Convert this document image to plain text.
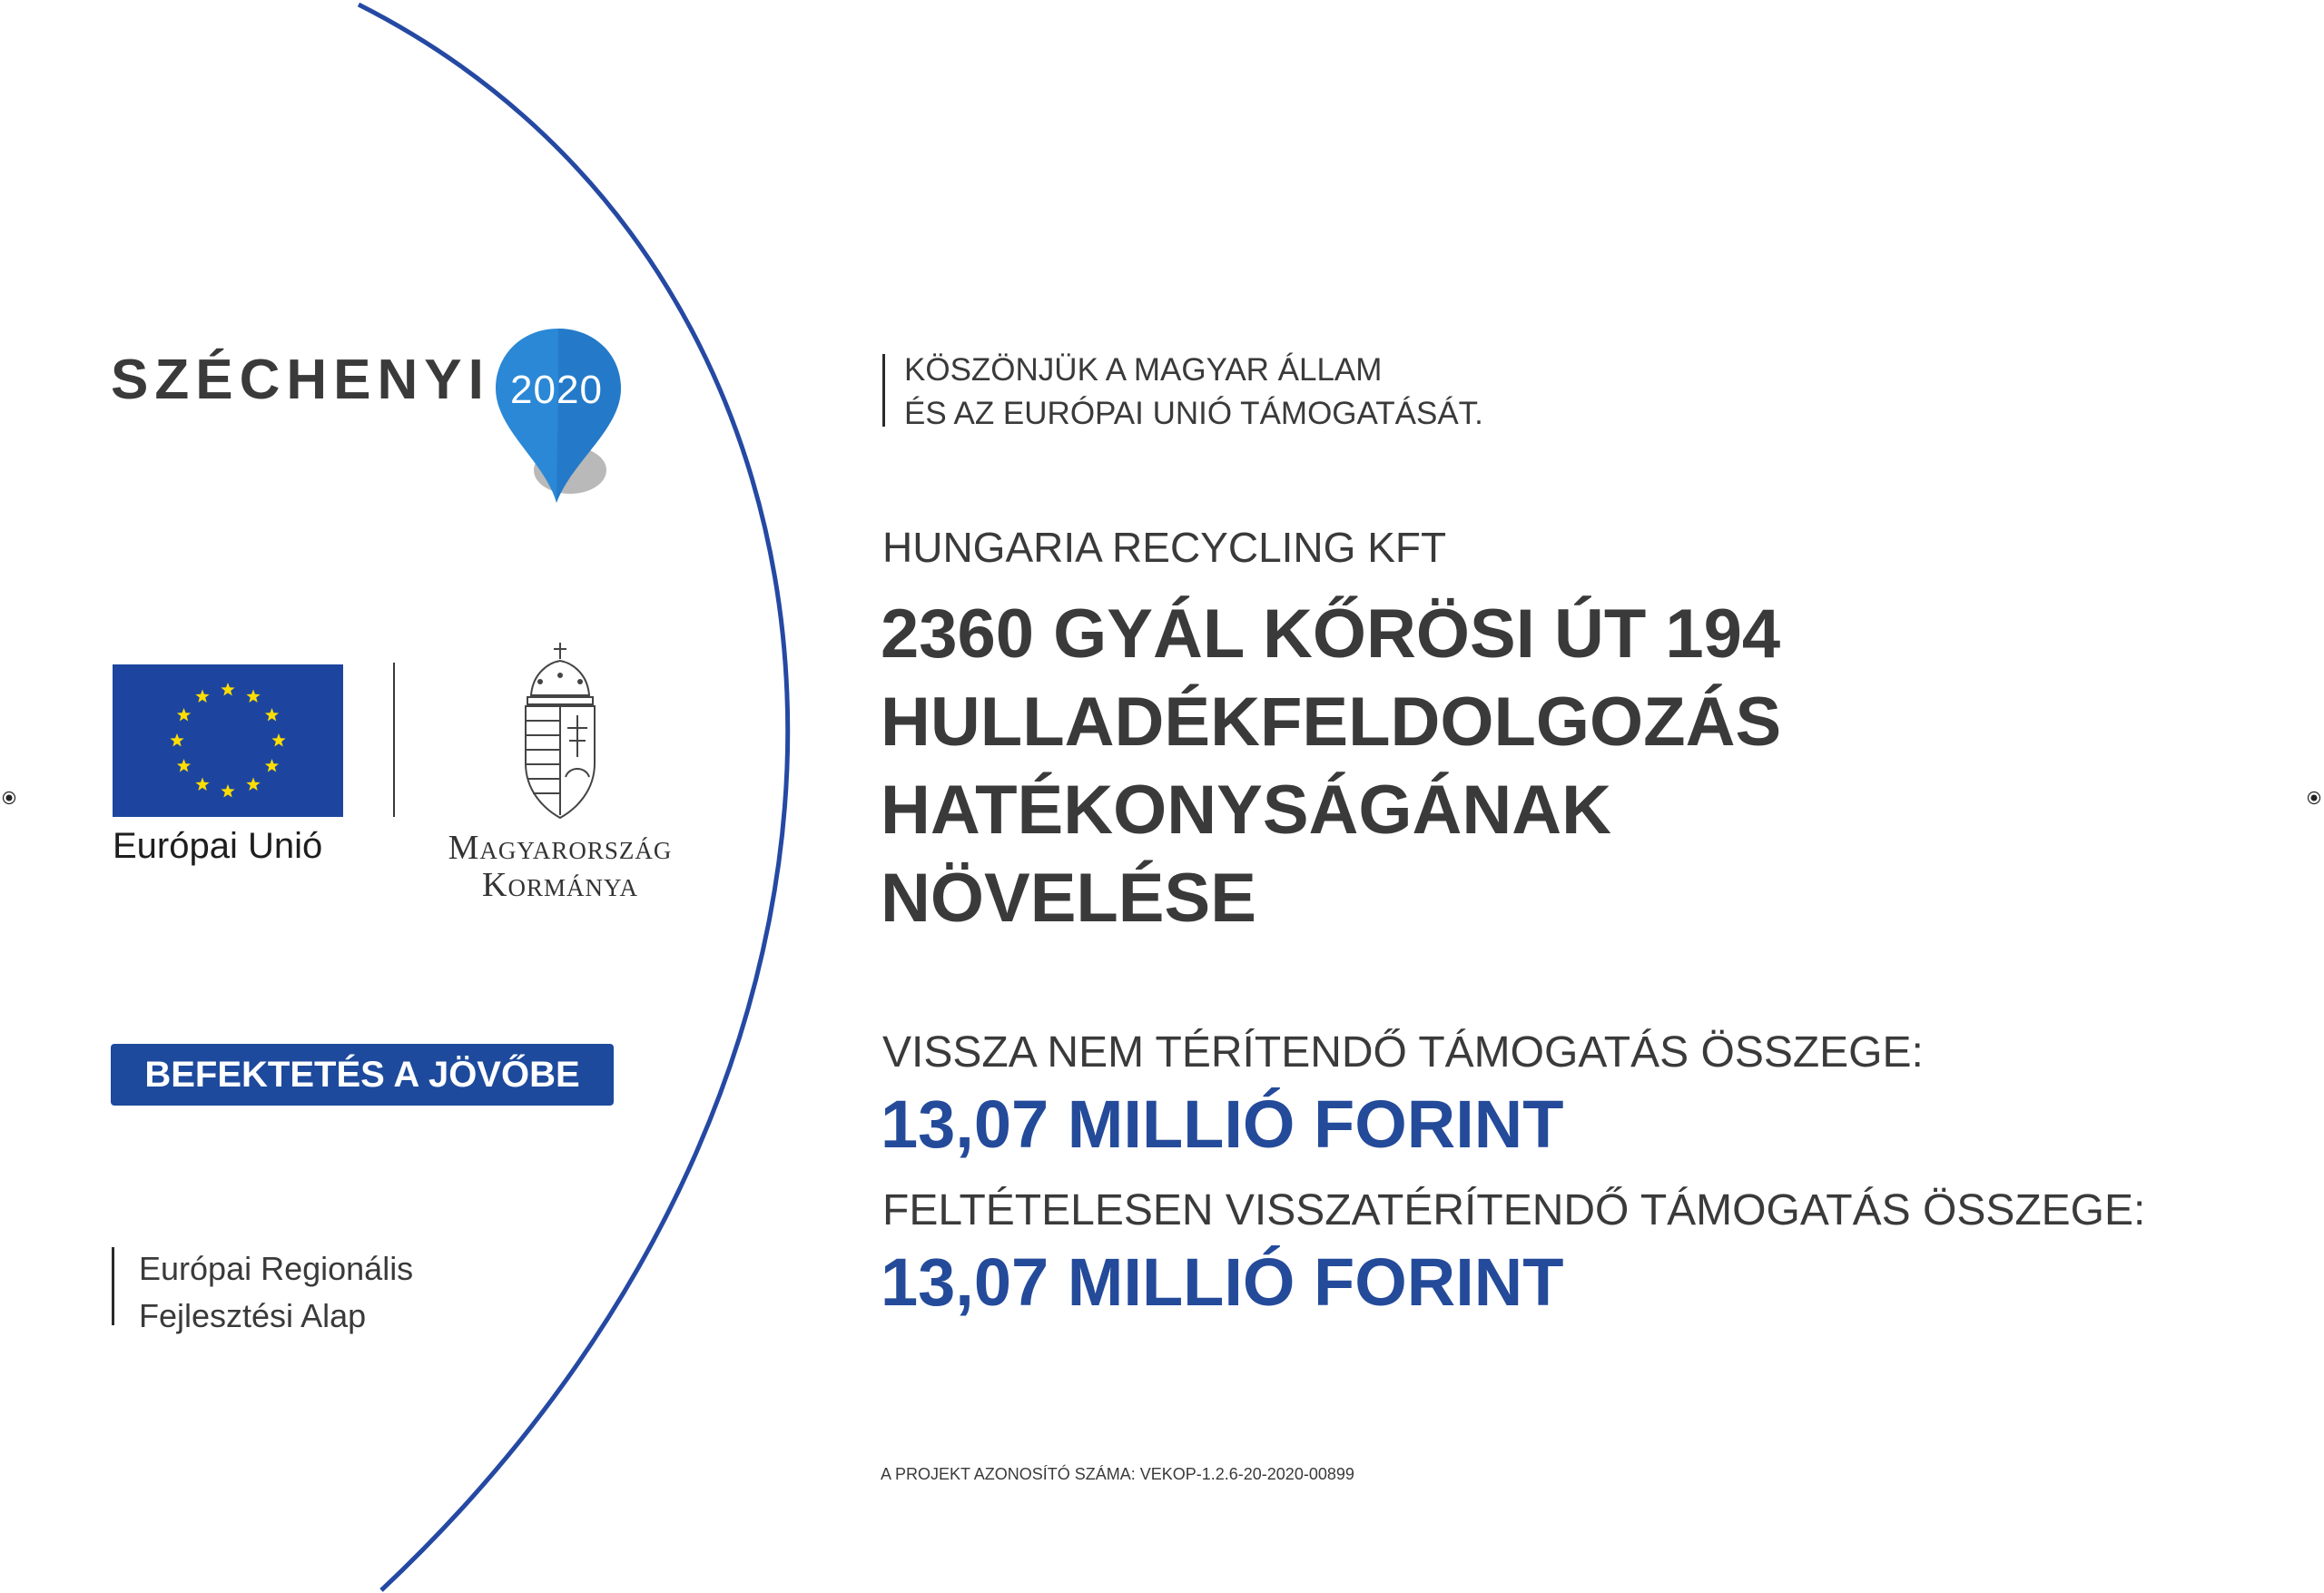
SZÉCHENYI 2020
Európai Unió	Magyarország
Kormánya
BEFEKTETÉS A JÖVŐBE
Európai Regionális
Fejlesztési Alap
KÖSZÖNJÜK A MAGYAR ÁLLAM
ÉS AZ EURÓPAI UNIÓ TÁMOGATÁSÁT.
HUNGARIA RECYCLING KFT
2360 GYÁL KŐRÖSI ÚT 194
HULLADÉKFELDOLGOZÁS
HATÉKONYSÁGÁNAK
NÖVELÉSE
VISSZA NEM TÉRÍTENDŐ TÁMOGATÁS ÖSSZEGE:
13,07 MILLIÓ FORINT
FELTÉTELESEN VISSZATÉRÍTENDŐ TÁMOGATÁS ÖSSZEGE:
13,07 MILLIÓ FORINT
A PROJEKT AZONOSÍTÓ SZÁMA: VEKOP-1.2.6-20-2020-00899
